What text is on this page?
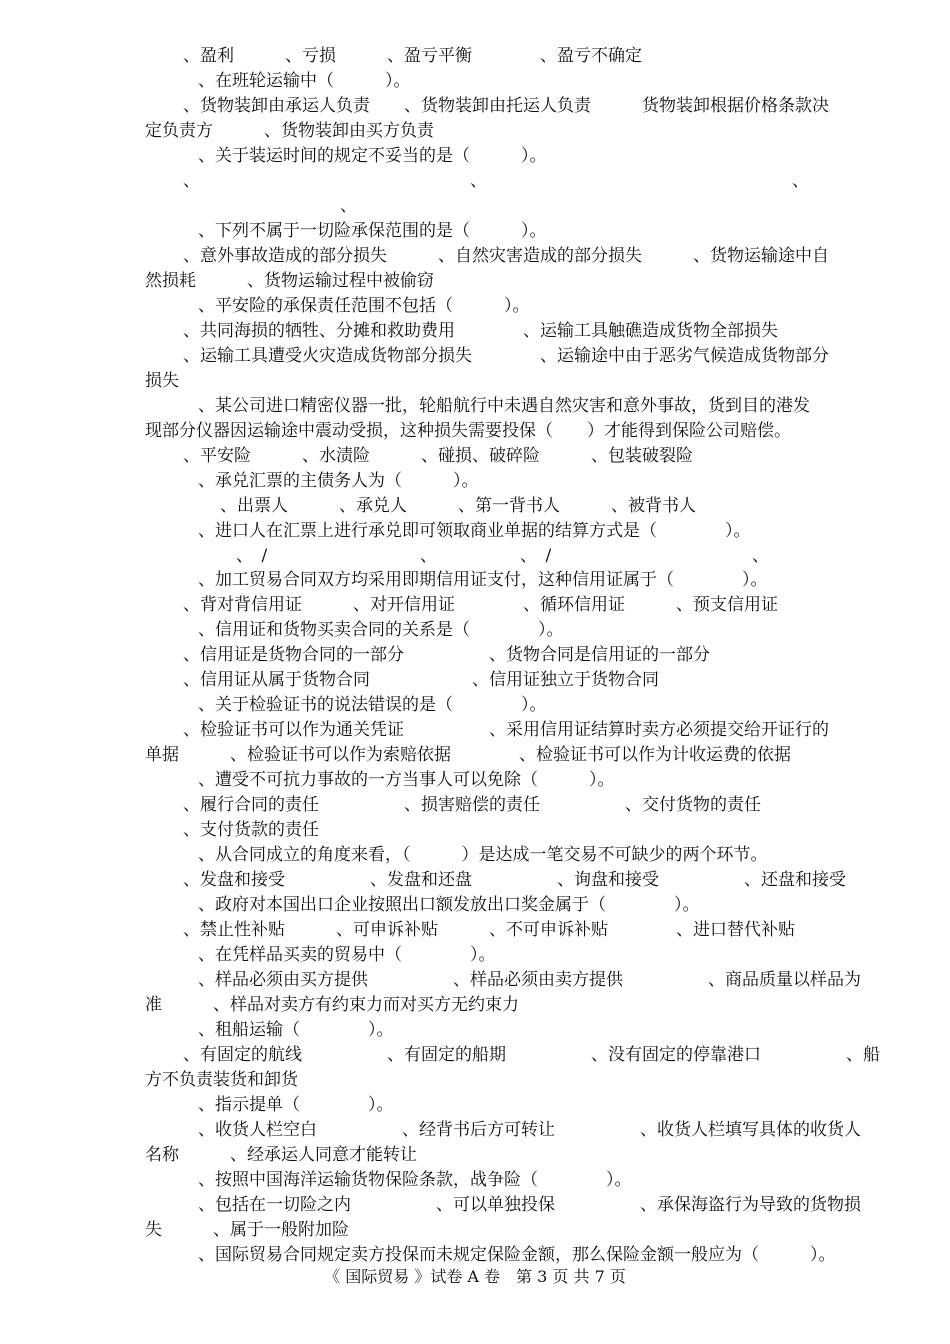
、盈利　　　、亏损　　　、盈亏平衡　　　　、盈亏不确定
、在班轮运输中（　　　）。
、货物装卸由承运人负责　　、货物装卸由托运人负责　　　货物装卸根据价格条款决
定负责方　　　、货物装卸由买方负责
、关于装运时间的规定不妥当的是（　　　）。
、	、	、
、
、下列不属于一切险承保范围的是（　　　）。
、意外事故造成的部分损失　　　、自然灾害造成的部分损失　　　、货物运输途中自
然损耗　　　、货物运输过程中被偷窃
、平安险的承保责任范围不包括（　　　）。
、共同海损的牺牲、分摊和救助费用　　　　、运输工具触礁造成货物全部损失
、运输工具遭受火灾造成货物部分损失　　　　、运输途中由于恶劣气候造成货物部分
损失
、某公司进口精密仪器一批，轮船航行中未遇自然灾害和意外事故，货到目的港发
现部分仪器因运输途中震动受损，这种损失需要投保（　　）才能得到保险公司赔偿。
、平安险　　　、水渍险　　　、碰损、破碎险　　　、包装破裂险
、承兑汇票的主债务人为（　　　）。
、出票人　　　、承兑人　　　、第一背书人　　　、被背书人
、进口人在汇票上进行承兑即可领取商业单据的结算方式是（　　　　）。
、　/	、　/	、
、
、加工贸易合同双方均采用即期信用证支付，这种信用证属于（　　　　）。
、背对背信用证　　　、对开信用证　　　　、循环信用证　　　、预支信用证
、信用证和货物买卖合同的关系是（　　　　）。
、信用证是货物合同的一部分　　　　　、货物合同是信用证的一部分
、信用证从属于货物合同　　　　　　、信用证独立于货物合同
、关于检验证书的说法错误的是（　　　　）。
、检验证书可以作为通关凭证　　　　　、采用信用证结算时卖方必须提交给开证行的
单据　　　、检验证书可以作为索赔依据　　　　、检验证书可以作为计收运费的依据
、遭受不可抗力事故的一方当事人可以免除（　　　）。
、履行合同的责任　　　　　、损害赔偿的责任　　　　　、交付货物的责任
、支付货款的责任
、从合同成立的角度来看，（　　　）是达成一笔交易不可缺少的两个环节。
、发盘和接受　　　　　、发盘和还盘　　　　　、询盘和接受　　　　　、还盘和接受
、政府对本国出口企业按照出口额发放出口奖金属于（　　　　）。
、禁止性补贴　　　、可申诉补贴　　　、不可申诉补贴　　　　、进口替代补贴
、在凭样品买卖的贸易中（　　　　）。
、样品必须由买方提供　　　　　、样品必须由卖方提供　　　　　、商品质量以样品为
准　　　、样品对卖方有约束力而对买方无约束力
、租船运输（　　　　）。
、有固定的航线　　　　　、有固定的船期　　　　　、没有固定的停靠港口　　　　　、船
方不负责装货和卸货
、指示提单（　　　　）。
、收货人栏空白　　　　　、经背书后方可转让　　　　　、收货人栏填写具体的收货人
名称　　　、经承运人同意才能转让
、按照中国海洋运输货物保险条款，战争险（　　　　）。
、包括在一切险之内　　　　　、可以单独投保　　　　　、承保海盗行为导致的货物损
失　　　、属于一般附加险
、国际贸易合同规定卖方投保而未规定保险金额，那么保险金额一般应为（　　　）。
《 国际贸易 》试卷 A 卷　第 3 页 共 7 页
